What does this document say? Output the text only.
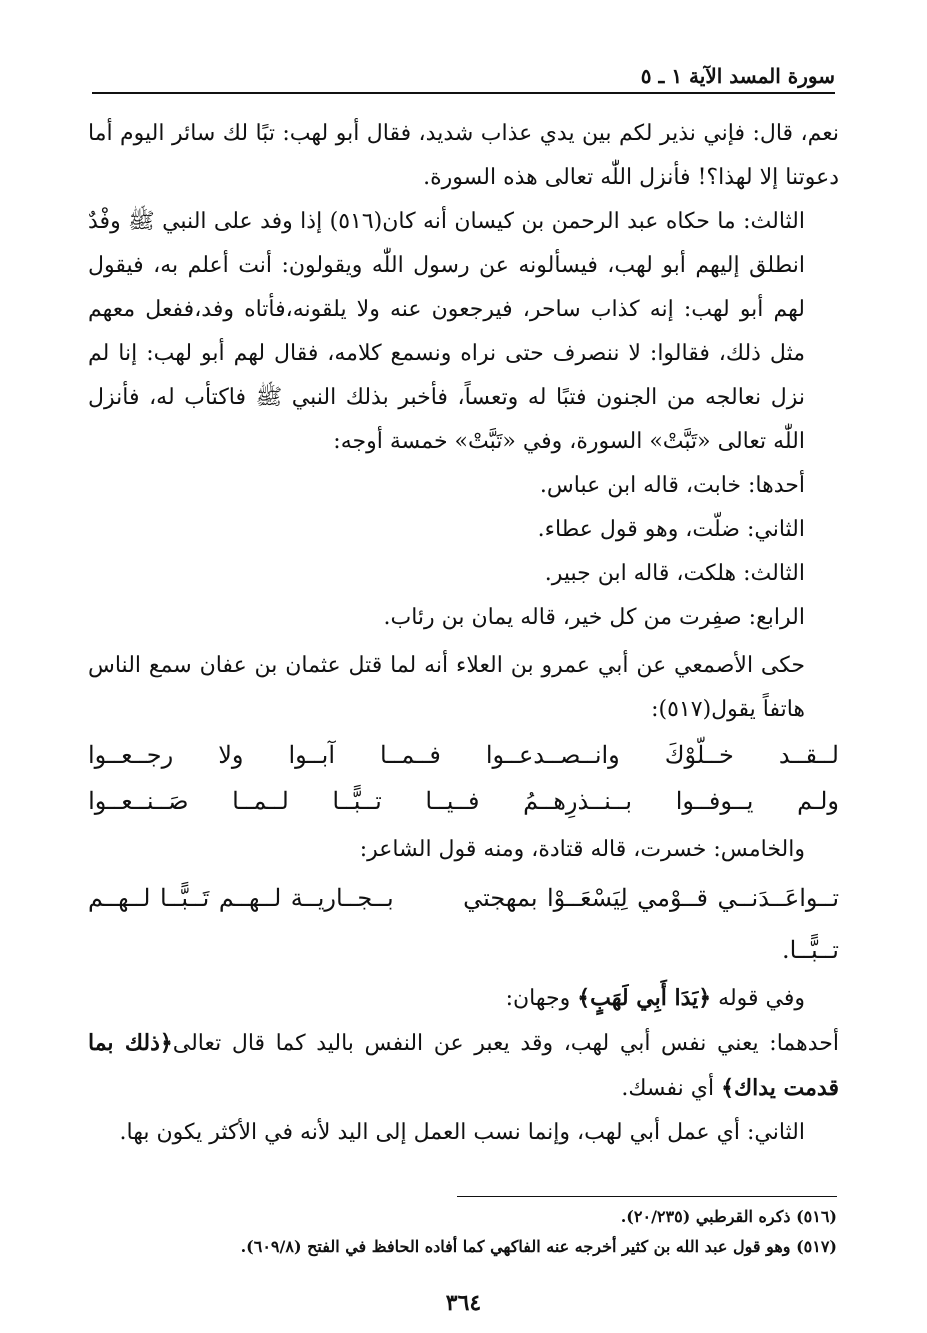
سورة المسد الآية ١ ـ ٥

نعم، قال: فإني نذير لكم بين يدي عذاب شديد، فقال أبو لهب: تبًا لك سائر اليوم أما دعوتنا إلا لهذا؟! فأنزل اللّٰه تعالى هذه السورة.

الثالث: ما حكاه عبد الرحمن بن كيسان أنه كان(٥١٦) إذا وفد على النبي ﷺ وفْدٌ انطلق إليهم أبو لهب، فيسألونه عن رسول اللّٰه ويقولون: أنت أعلم به، فيقول لهم أبو لهب: إنه كذاب ساحر، فيرجعون عنه ولا يلقونه،فأتاه وفد،ففعل معهم مثل ذلك، فقالوا: لا ننصرف حتى نراه ونسمع كلامه، فقال لهم أبو لهب: إنا لم نزل نعالجه من الجنون فتبًا له وتعساً، فأخبر بذلك النبي ﷺ فاكتأب له، فأنزل اللّٰه تعالى «تَبَّتْ» السورة، وفي «تَبَّتْ» خمسة أوجه:

أحدها: خابت، قاله ابن عباس.

الثاني: ضلّت، وهو قول عطاء.

الثالث: هلكت، قاله ابن جبير.

الرابع: صفِرت من كل خير، قاله يمان بن رئاب.

حكى الأصمعي عن أبي عمرو بن العلاء أنه لما قتل عثمان بن عفان سمع الناس هاتفاً يقول(٥١٧):

لــقــد
خــلّوْكَ
وانــصــدعــوا
فــمــا
آبــوا
ولا
رجــعــوا
ولـم
يــوفــوا
بــنــذرِهــمُ
فــيــا
تــبًّــا
لــمــا
صَــنــعــوا

والخامس: خسرت، قاله قتادة، ومنه قول الشاعر:

تــواعَــدَنــي قــوْمي لِيَسْعَــوْا بمهجتي بــجــاريــة لــهــم تَــبًّــا لــهــم تــبًّــا.

وفي قوله ﴿يَدَا أَبِي لَهَبٍ﴾ وجهان:

أحدهما: يعني نفس أبي لهب، وقد يعبر عن النفس باليد كما قال تعالى﴿ذلك بما قدمت يداك﴾ أي نفسك.

الثاني: أي عمل أبي لهب، وإنما نسب العمل إلى اليد لأنه في الأكثر يكون بها.

(٥١٦) ذكره القرطبي (٢٠/٢٣٥).

(٥١٧) وهو قول عبد الله بن كثير أخرجه عنه الفاكهي كما أفاده الحافظ في الفتح (٦٠٩/٨).

٣٦٤
